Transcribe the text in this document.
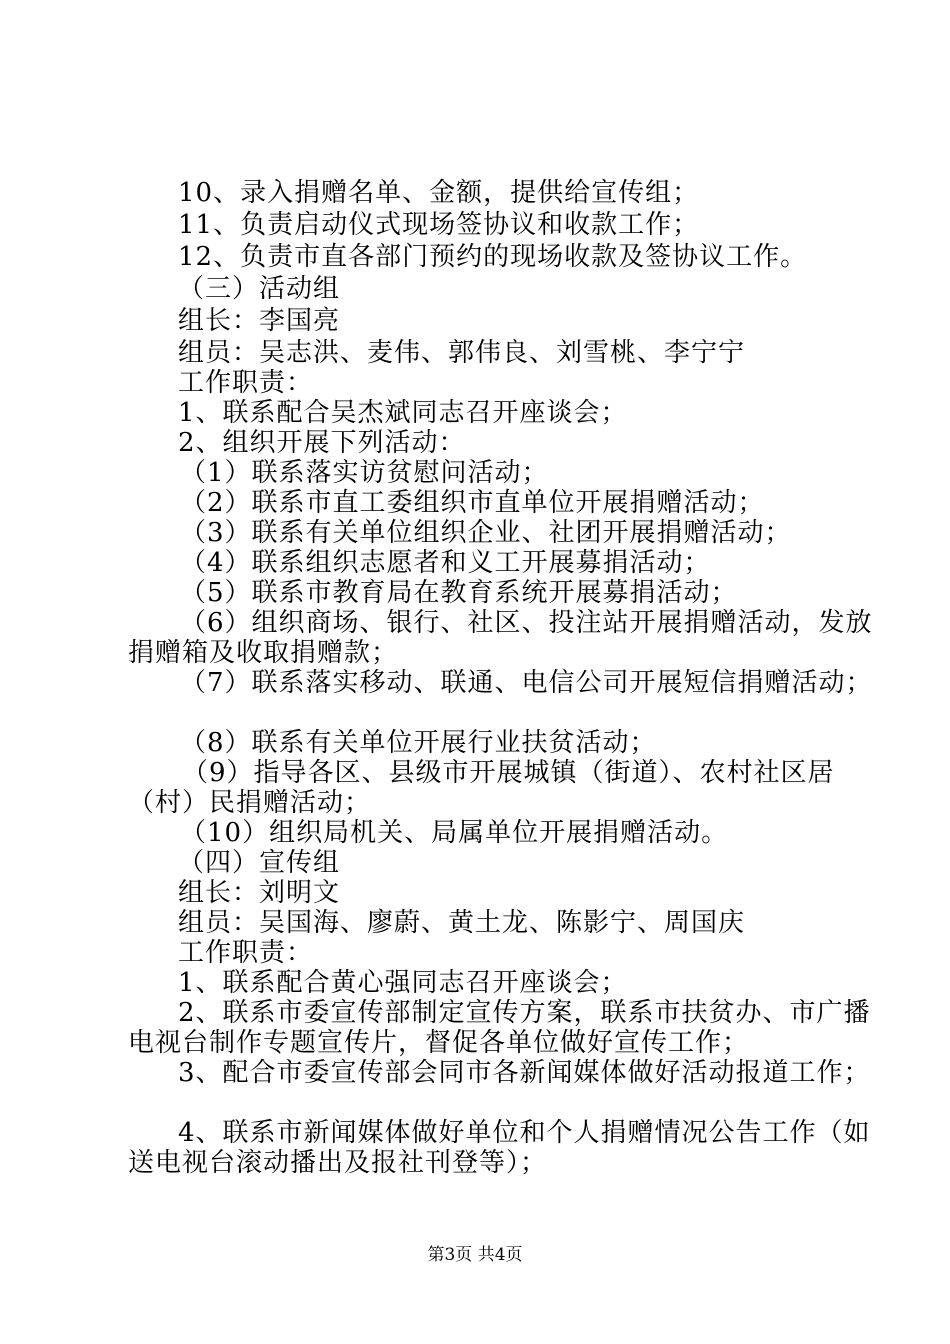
10、录入捐赠名单、金额，提供给宣传组；
11、负责启动仪式现场签协议和收款工作；
12、负责市直各部门预约的现场收款及签协议工作。
（三）活动组
组长：李国亮
组员：吴志洪、麦伟、郭伟良、刘雪桃、李宁宁
工作职责：
1、联系配合吴杰斌同志召开座谈会；
2、组织开展下列活动：
（1）联系落实访贫慰问活动；
（2）联系市直工委组织市直单位开展捐赠活动；
（3）联系有关单位组织企业、社团开展捐赠活动；
（4）联系组织志愿者和义工开展募捐活动；
（5）联系市教育局在教育系统开展募捐活动；
（6）组织商场、银行、社区、投注站开展捐赠活动，发放
捐赠箱及收取捐赠款；
（7）联系落实移动、联通、电信公司开展短信捐赠活动；
（8）联系有关单位开展行业扶贫活动；
（9）指导各区、县级市开展城镇（街道）、农村社区居
（村）民捐赠活动；
（10）组织局机关、局属单位开展捐赠活动。
（四）宣传组
组长：刘明文
组员：吴国海、廖蔚、黄土龙、陈影宁、周国庆
工作职责：
1、联系配合黄心强同志召开座谈会；
2、联系市委宣传部制定宣传方案，联系市扶贫办、市广播
电视台制作专题宣传片，督促各单位做好宣传工作；
3、配合市委宣传部会同市各新闻媒体做好活动报道工作；
4、联系市新闻媒体做好单位和个人捐赠情况公告工作（如
送电视台滚动播出及报社刊登等）；
第3页 共4页
